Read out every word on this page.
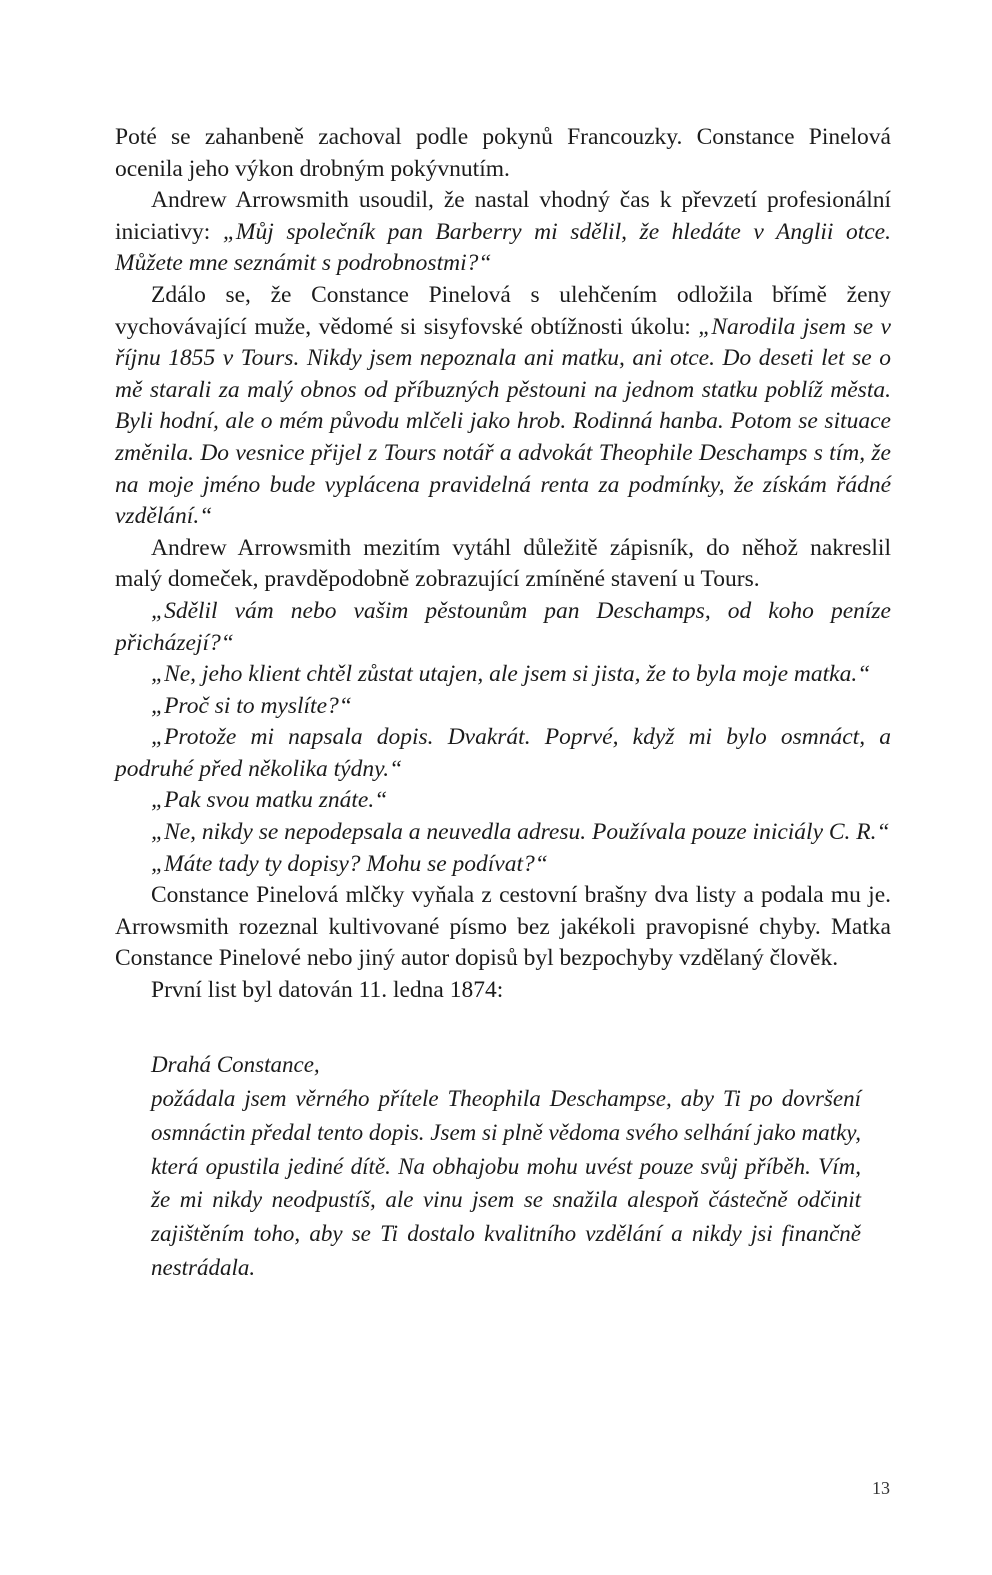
Poté se zahanbeně zachoval podle pokynů Francouzky. Constance Pinelová ocenila jeho výkon drobným pokývnutím.

Andrew Arrowsmith usoudil, že nastal vhodný čas k převzetí profesionální iniciativy: „Můj společník pan Barberry mi sdělil, že hledáte v Anglii otce. Můžete mne seznámit s podrobnostmi?“

Zdálo se, že Constance Pinelová s ulehčením odložila břímě ženy vychovávající muže, vědomé si sisyfovské obtížnosti úkolu: „Narodila jsem se v říjnu 1855 v Tours. Nikdy jsem nepoznala ani matku, ani otce. Do deseti let se o mě starali za malý obnos od příbuzných pěstouni na jednom statku poblíž města. Byli hodní, ale o mém původu mlčeli jako hrob. Rodinná hanba. Potom se situace změnila. Do vesnice přijel z Tours notář a advokát Theophile Deschamps s tím, že na moje jméno bude vyplácena pravidelná renta za podmínky, že získám řádné vzdělání.“

Andrew Arrowsmith mezitím vytáhl důležitě zápisník, do něhož nakreslil malý domeček, pravděpodobně zobrazující zmíněné stavení u Tours.

„Sdělil vám nebo vašim pěstounům pan Deschamps, od koho peníze přicházejí?“

„Ne, jeho klient chtěl zůstat utajen, ale jsem si jista, že to byla moje matka.“

„Proč si to myslíte?“

„Protože mi napsala dopis. Dvakrát. Poprvé, když mi bylo osmnáct, a podruhé před několika týdny.“

„Pak svou matku znáte.“

„Ne, nikdy se nepodepsala a neuvedla adresu. Používala pouze iniciály C. R.“

„Máte tady ty dopisy? Mohu se podívat?“

Constance Pinelová mlčky vyňala z cestovní brašny dva listy a podala mu je. Arrowsmith rozeznal kultivované písmo bez jakékoli pravopisné chyby. Matka Constance Pinelové nebo jiný autor dopisů byl bezpochyby vzdělaný člověk.

První list byl datován 11. ledna 1874:

Drahá Constance,

požádala jsem věrného přítele Theophila Deschampse, aby Ti po dovršení osmnáctin předal tento dopis. Jsem si plně vědoma svého selhání jako matky, která opustila jediné dítě. Na obhajobu mohu uvést pouze svůj příběh. Vím, že mi nikdy neodpustíš, ale vinu jsem se snažila alespoň částečně odčinit zajištěním toho, aby se Ti dostalo kvalitního vzdělání a nikdy jsi finančně nestrádala.

13
